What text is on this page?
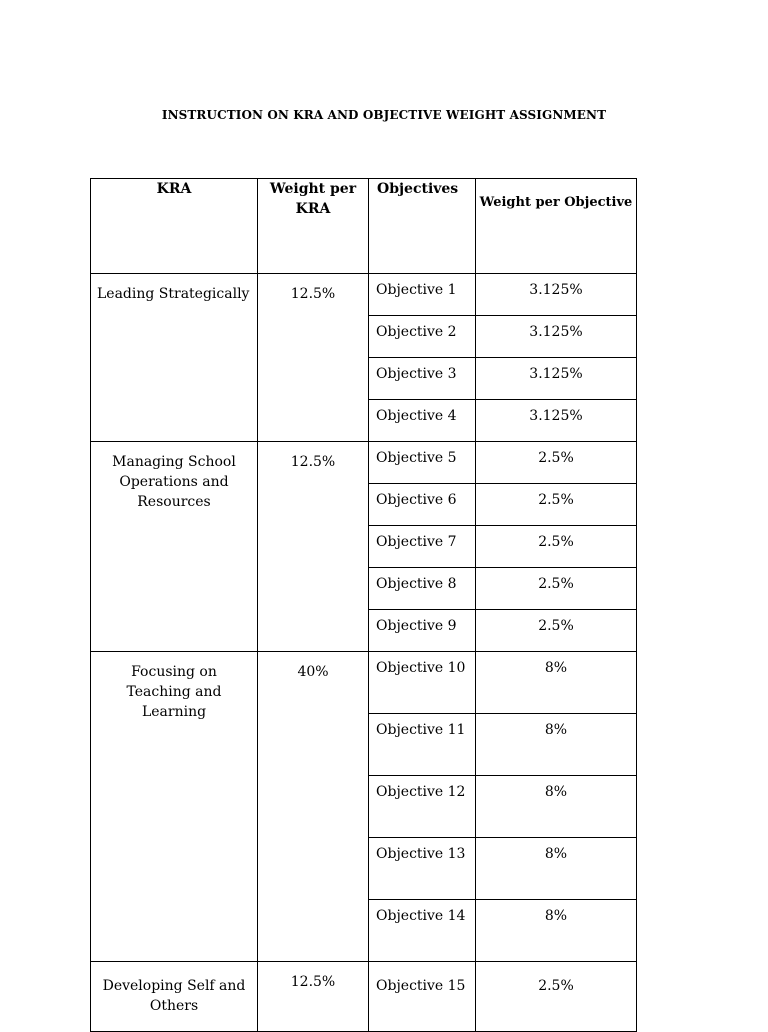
INSTRUCTION ON KRA AND OBJECTIVE WEIGHT ASSIGNMENT
KRA	Weight per KRA	Objectives	Weight per Objective
Leading Strategically	12.5%	Objective 1	3.125%
		Objective 2	3.125%
		Objective 3	3.125%
		Objective 4	3.125%
Managing School Operations and Resources	12.5%	Objective 5	2.5%
		Objective 6	2.5%
		Objective 7	2.5%
		Objective 8	2.5%
		Objective 9	2.5%
Focusing on Teaching and Learning	40%	Objective 10	8%
		Objective 11	8%
		Objective 12	8%
		Objective 13	8%
		Objective 14	8%
Developing Self and Others	12.5%	Objective 15	2.5%
